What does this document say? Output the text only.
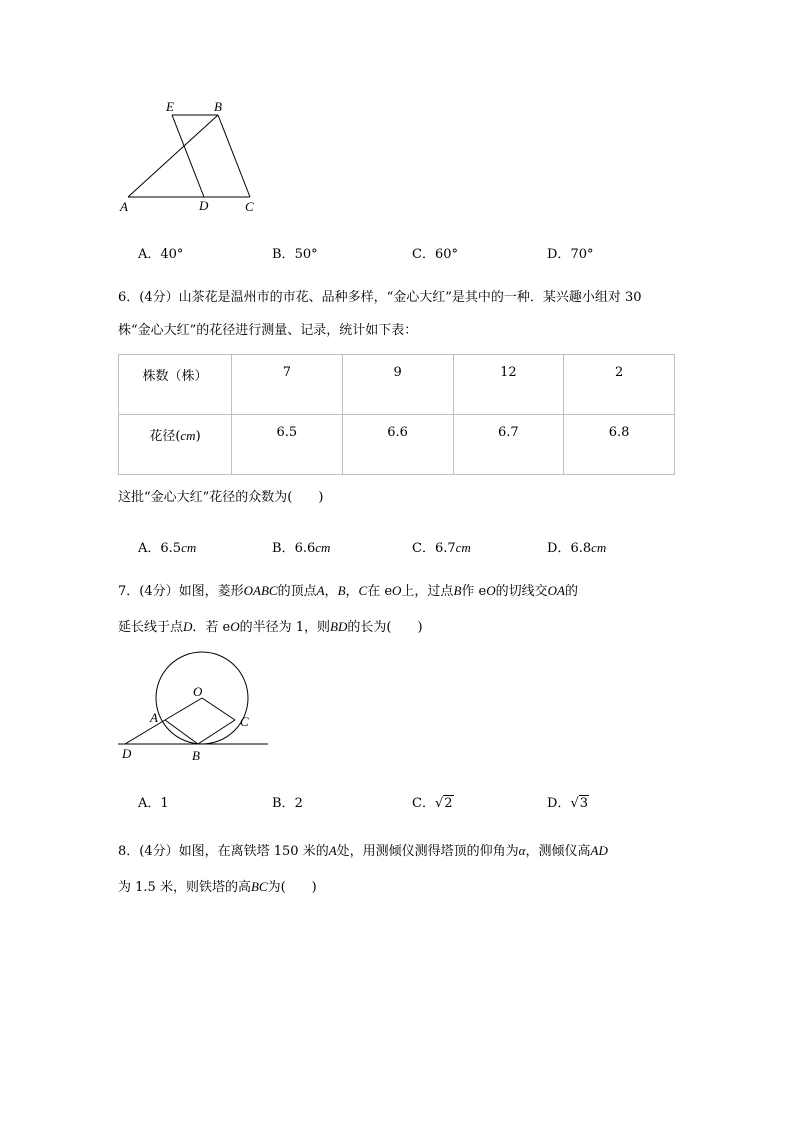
E	B
A	D	C
A．40°	B．50°	C．60°	D．70°
6．(4分）山茶花是温州市的市花、品种多样，“金心大红”是其中的一种．某兴趣小组对 30
株“金心大红”的花径进行测量、记录，统计如下表：
株数（株）	7	9	12	2
花径(cm)	6.5	6.6	6.7	6.8
这批“金心大红”花径的众数为(　　)
A．6.5cm	B．6.6cm	C．6.7cm	D．6.8cm
7．(4分）如图，菱形OABC的顶点A，B，C在 eO上，过点B作 eO的切线交OA的
延长线于点D．若 eO的半径为 1，则BD的长为(　　)
O
A	C
D	B
A．1	B．2	C．√2	D．√3
8．(4分）如图，在离铁塔 150 米的A处，用测倾仪测得塔顶的仰角为α，测倾仪高AD
为 1.5 米，则铁塔的高BC为(　　)
